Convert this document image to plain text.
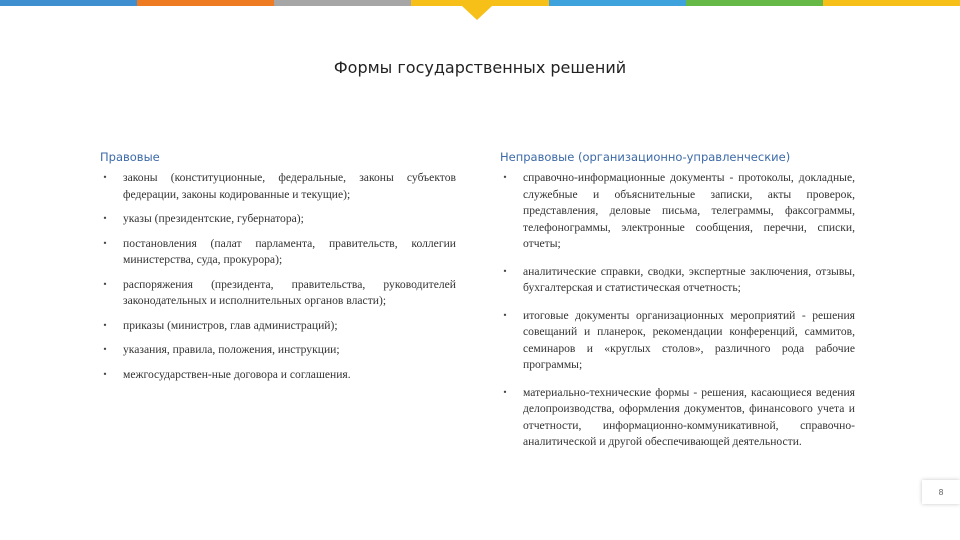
Формы государственных решений
Правовые
• законы (конституционные, федеральные, законы субъектов федерации, законы кодированные и текущие);
• указы (президентские, губернатора);
• постановления (палат парламента, правительств, коллегии министерства, суда, прокурора);
• распоряжения (президента, правительства, руководителей законодательных и исполнительных органов власти);
• приказы (министров, глав администраций);
• указания, правила, положения, инструкции;
• межгосударствен-ные договора и соглашения.
Неправовые (организационно-управленческие)
• справочно-информационные документы - протоколы, докладные, служебные и объяснительные записки, акты проверок, представления, деловые письма, телеграммы, факсограммы, телефонограммы, электронные сообщения, перечни, списки, отчеты;
• аналитические справки, сводки, экспертные заключения, отзывы, бухгалтерская и статистическая отчетность;
• итоговые документы организационных мероприятий - решения совещаний и планерок, рекомендации конференций, саммитов, семинаров и «круглых столов», различного рода рабочие программы;
• материально-технические формы - решения, касающиеся ведения делопроизводства, оформления документов, финансового учета и отчетности, информационно-коммуникативной, справочно-аналитической и другой обеспечивающей деятельности.
8
